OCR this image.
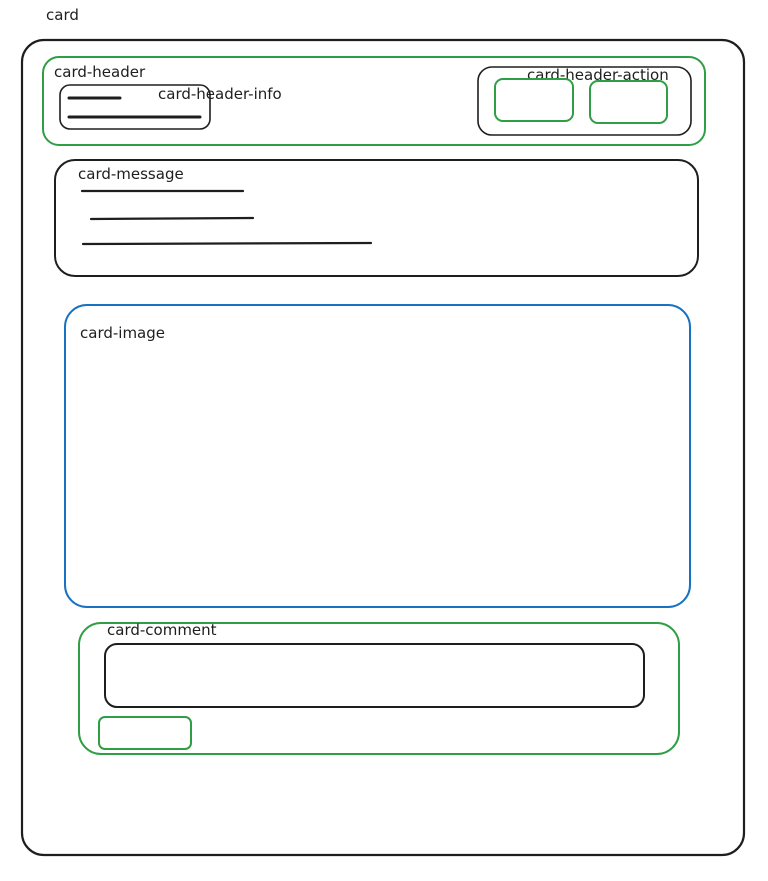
card
card-header
card-header-info
card-header-action
card-message
card-image
card-comment
